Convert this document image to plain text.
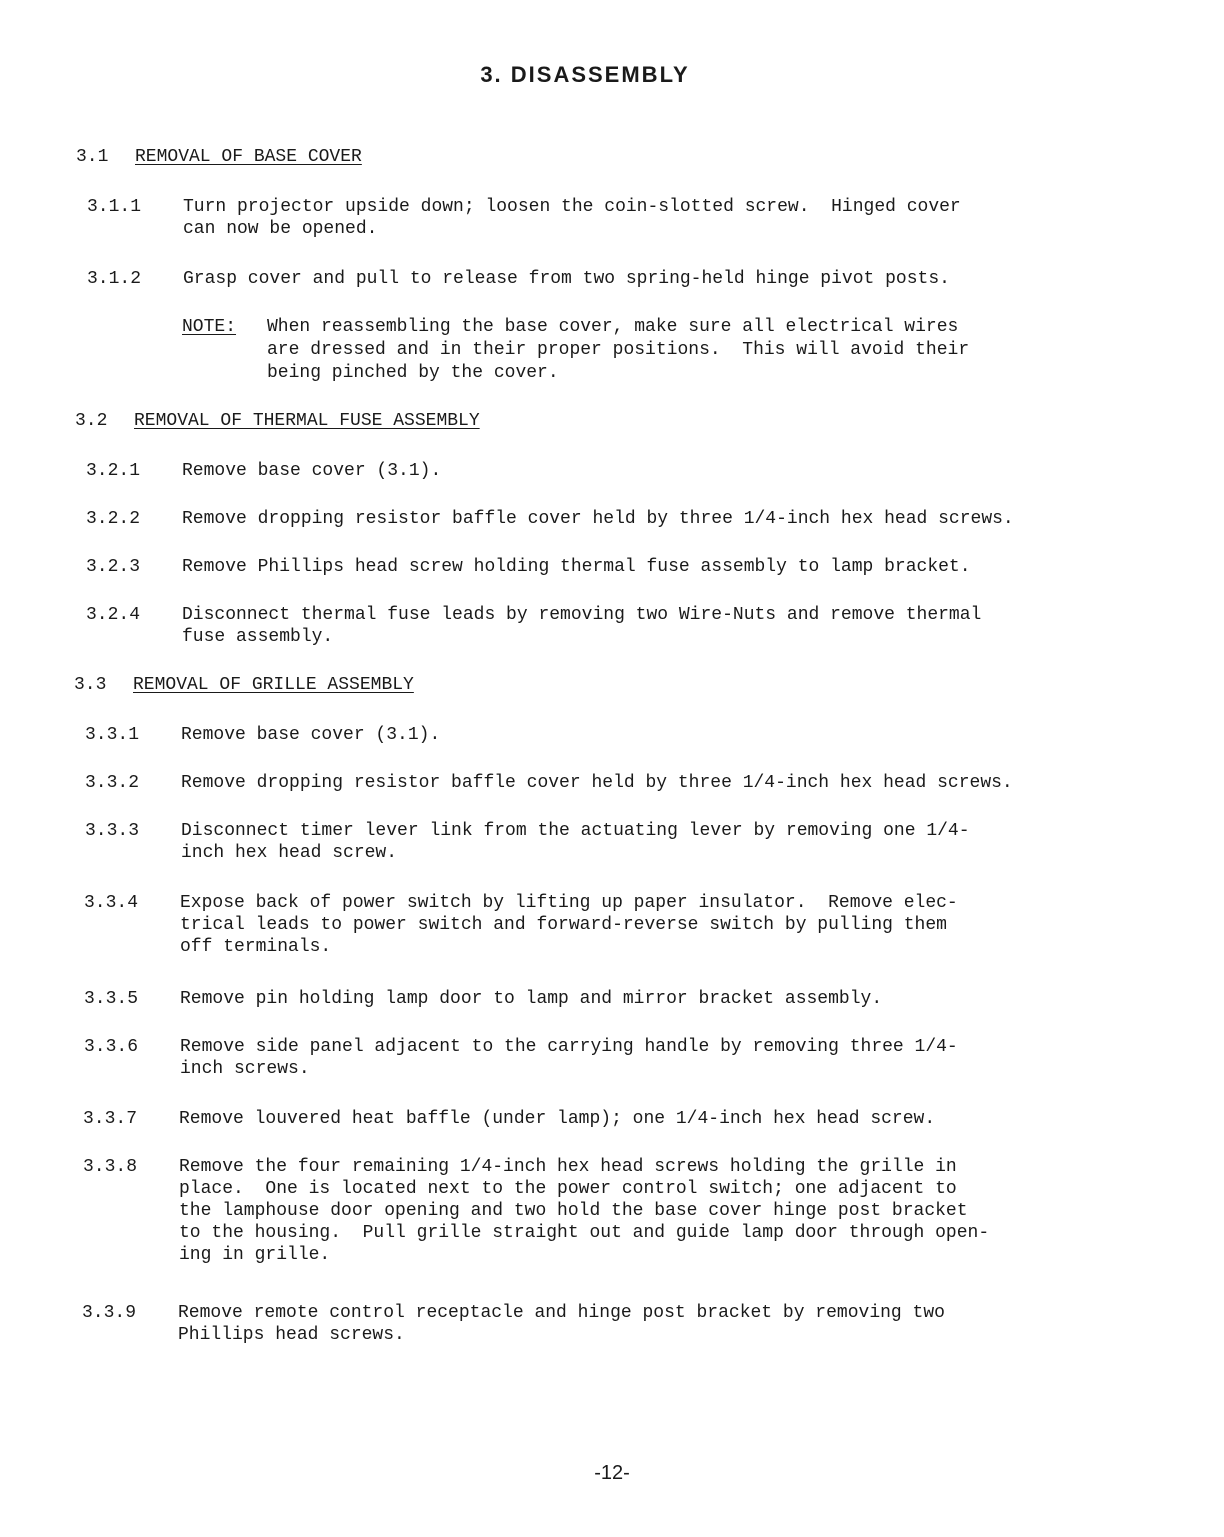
3. DISASSEMBLY
3.1 REMOVAL OF BASE COVER
3.1.1 Turn projector upside down; loosen the coin-slotted screw.  Hinged cover
can now be opened.
3.1.2 Grasp cover and pull to release from two spring-held hinge pivot posts.
NOTE: When reassembling the base cover, make sure all electrical wires
are dressed and in their proper positions.  This will avoid their
being pinched by the cover.
3.2 REMOVAL OF THERMAL FUSE ASSEMBLY
3.2.1 Remove base cover (3.1).
3.2.2 Remove dropping resistor baffle cover held by three 1/4-inch hex head screws.
3.2.3 Remove Phillips head screw holding thermal fuse assembly to lamp bracket.
3.2.4 Disconnect thermal fuse leads by removing two Wire-Nuts and remove thermal
fuse assembly.
3.3 REMOVAL OF GRILLE ASSEMBLY
3.3.1 Remove base cover (3.1).
3.3.2 Remove dropping resistor baffle cover held by three 1/4-inch hex head screws.
3.3.3 Disconnect timer lever link from the actuating lever by removing one 1/4-
inch hex head screw.
3.3.4 Expose back of power switch by lifting up paper insulator.  Remove elec-
trical leads to power switch and forward-reverse switch by pulling them
off terminals.
3.3.5 Remove pin holding lamp door to lamp and mirror bracket assembly.
3.3.6 Remove side panel adjacent to the carrying handle by removing three 1/4-
inch screws.
3.3.7 Remove louvered heat baffle (under lamp); one 1/4-inch hex head screw.
3.3.8 Remove the four remaining 1/4-inch hex head screws holding the grille in
place.  One is located next to the power control switch; one adjacent to
the lamphouse door opening and two hold the base cover hinge post bracket
to the housing.  Pull grille straight out and guide lamp door through open-
ing in grille.
3.3.9 Remove remote control receptacle and hinge post bracket by removing two
Phillips head screws.
-12-
